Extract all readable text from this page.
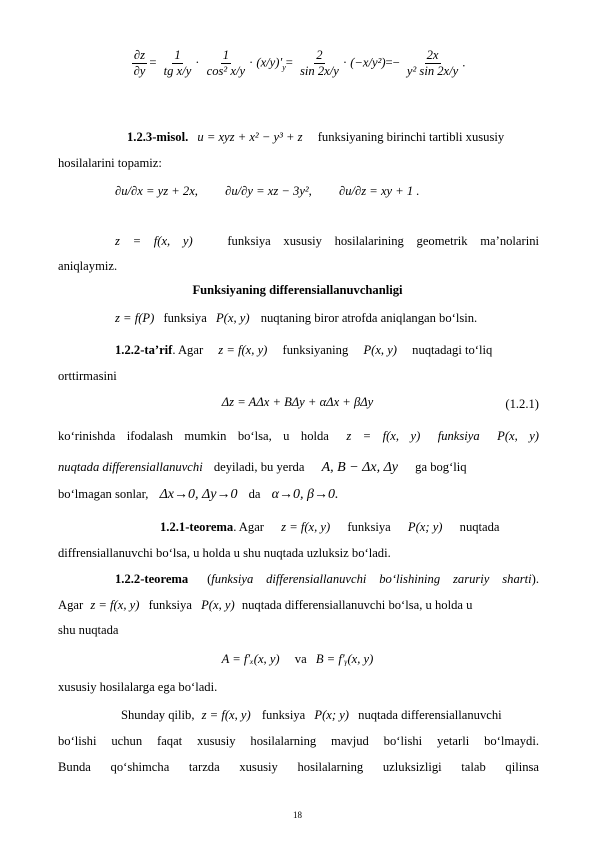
$\frac{\partial z}{\partial y} = \frac{1}{\text{tg x/y}} \cdot \frac{1}{\text{cos² x/y}} \cdot (x/y)'_y= \frac{2}{\sin 2x/y} \cdot (-x/y^2)=- \frac{2x}{\text{y² sin 2x/y}}$ .
1.2.3-misol. u = xyz + x² − y³ + z funksiyaning birinchi tartibli xususiy
hosilalarini topamiz:
∂u/∂x = yz + 2x, ∂u/∂y = xz − 3y², ∂u/∂z = xy + 1 .
z = f(x, y)	funksiya xususiy hosilalarining geometrik ma’nolarini
aniqlaymiz.
Funksiyaning differensiallanuvchanligi
z = f(P) funksiya P(x, y) nuqtaning biror atrofda aniqlangan bo‘lsin.
1.2.2-ta’rif. Agar z = f(x, y) funksiyaning P(x, y) nuqtadagi to‘liq
orttirmasini
Δz = AΔx + BΔy + αΔx + βΔy	(1.2.1)
ko‘rinishda ifodalash mumkin bo‘lsa, u holda z = f(x, y) funksiya P(x, y)
nuqtada differensiallanuvchi deyiladi, bu yerda A, B − Δx, Δy ga bog‘liq
bo‘lmagan sonlar, Δx→0, Δy→0 da α→0, β→0.
1.2.1-teorema. Agar z = f(x, y) funksiya P(x; y) nuqtada
diffrensiallanuvchi bo‘lsa, u holda u shu nuqtada uzluksiz bo‘ladi.
1.2.2-teorema (funksiya differensiallanuvchi bo‘lishining zaruriy sharti).
Agar z = f(x, y) funksiya P(x, y) nuqtada differensiallanuvchi bo‘lsa, u holda u
shu nuqtada
A = f′ₓ(x, y) va B = f′ᵧ(x, y)
xususiy hosilalarga ega bo‘ladi.
Shunday qilib, z = f(x, y) funksiya P(x; y) nuqtada differensiallanuvchi
bo‘lishi uchun faqat xususiy hosilalarning mavjud bo‘lishi yetarli bo‘lmaydi.
Bunda qo‘shimcha tarzda xususiy hosilalarning uzluksizligi talab qilinsa
18
